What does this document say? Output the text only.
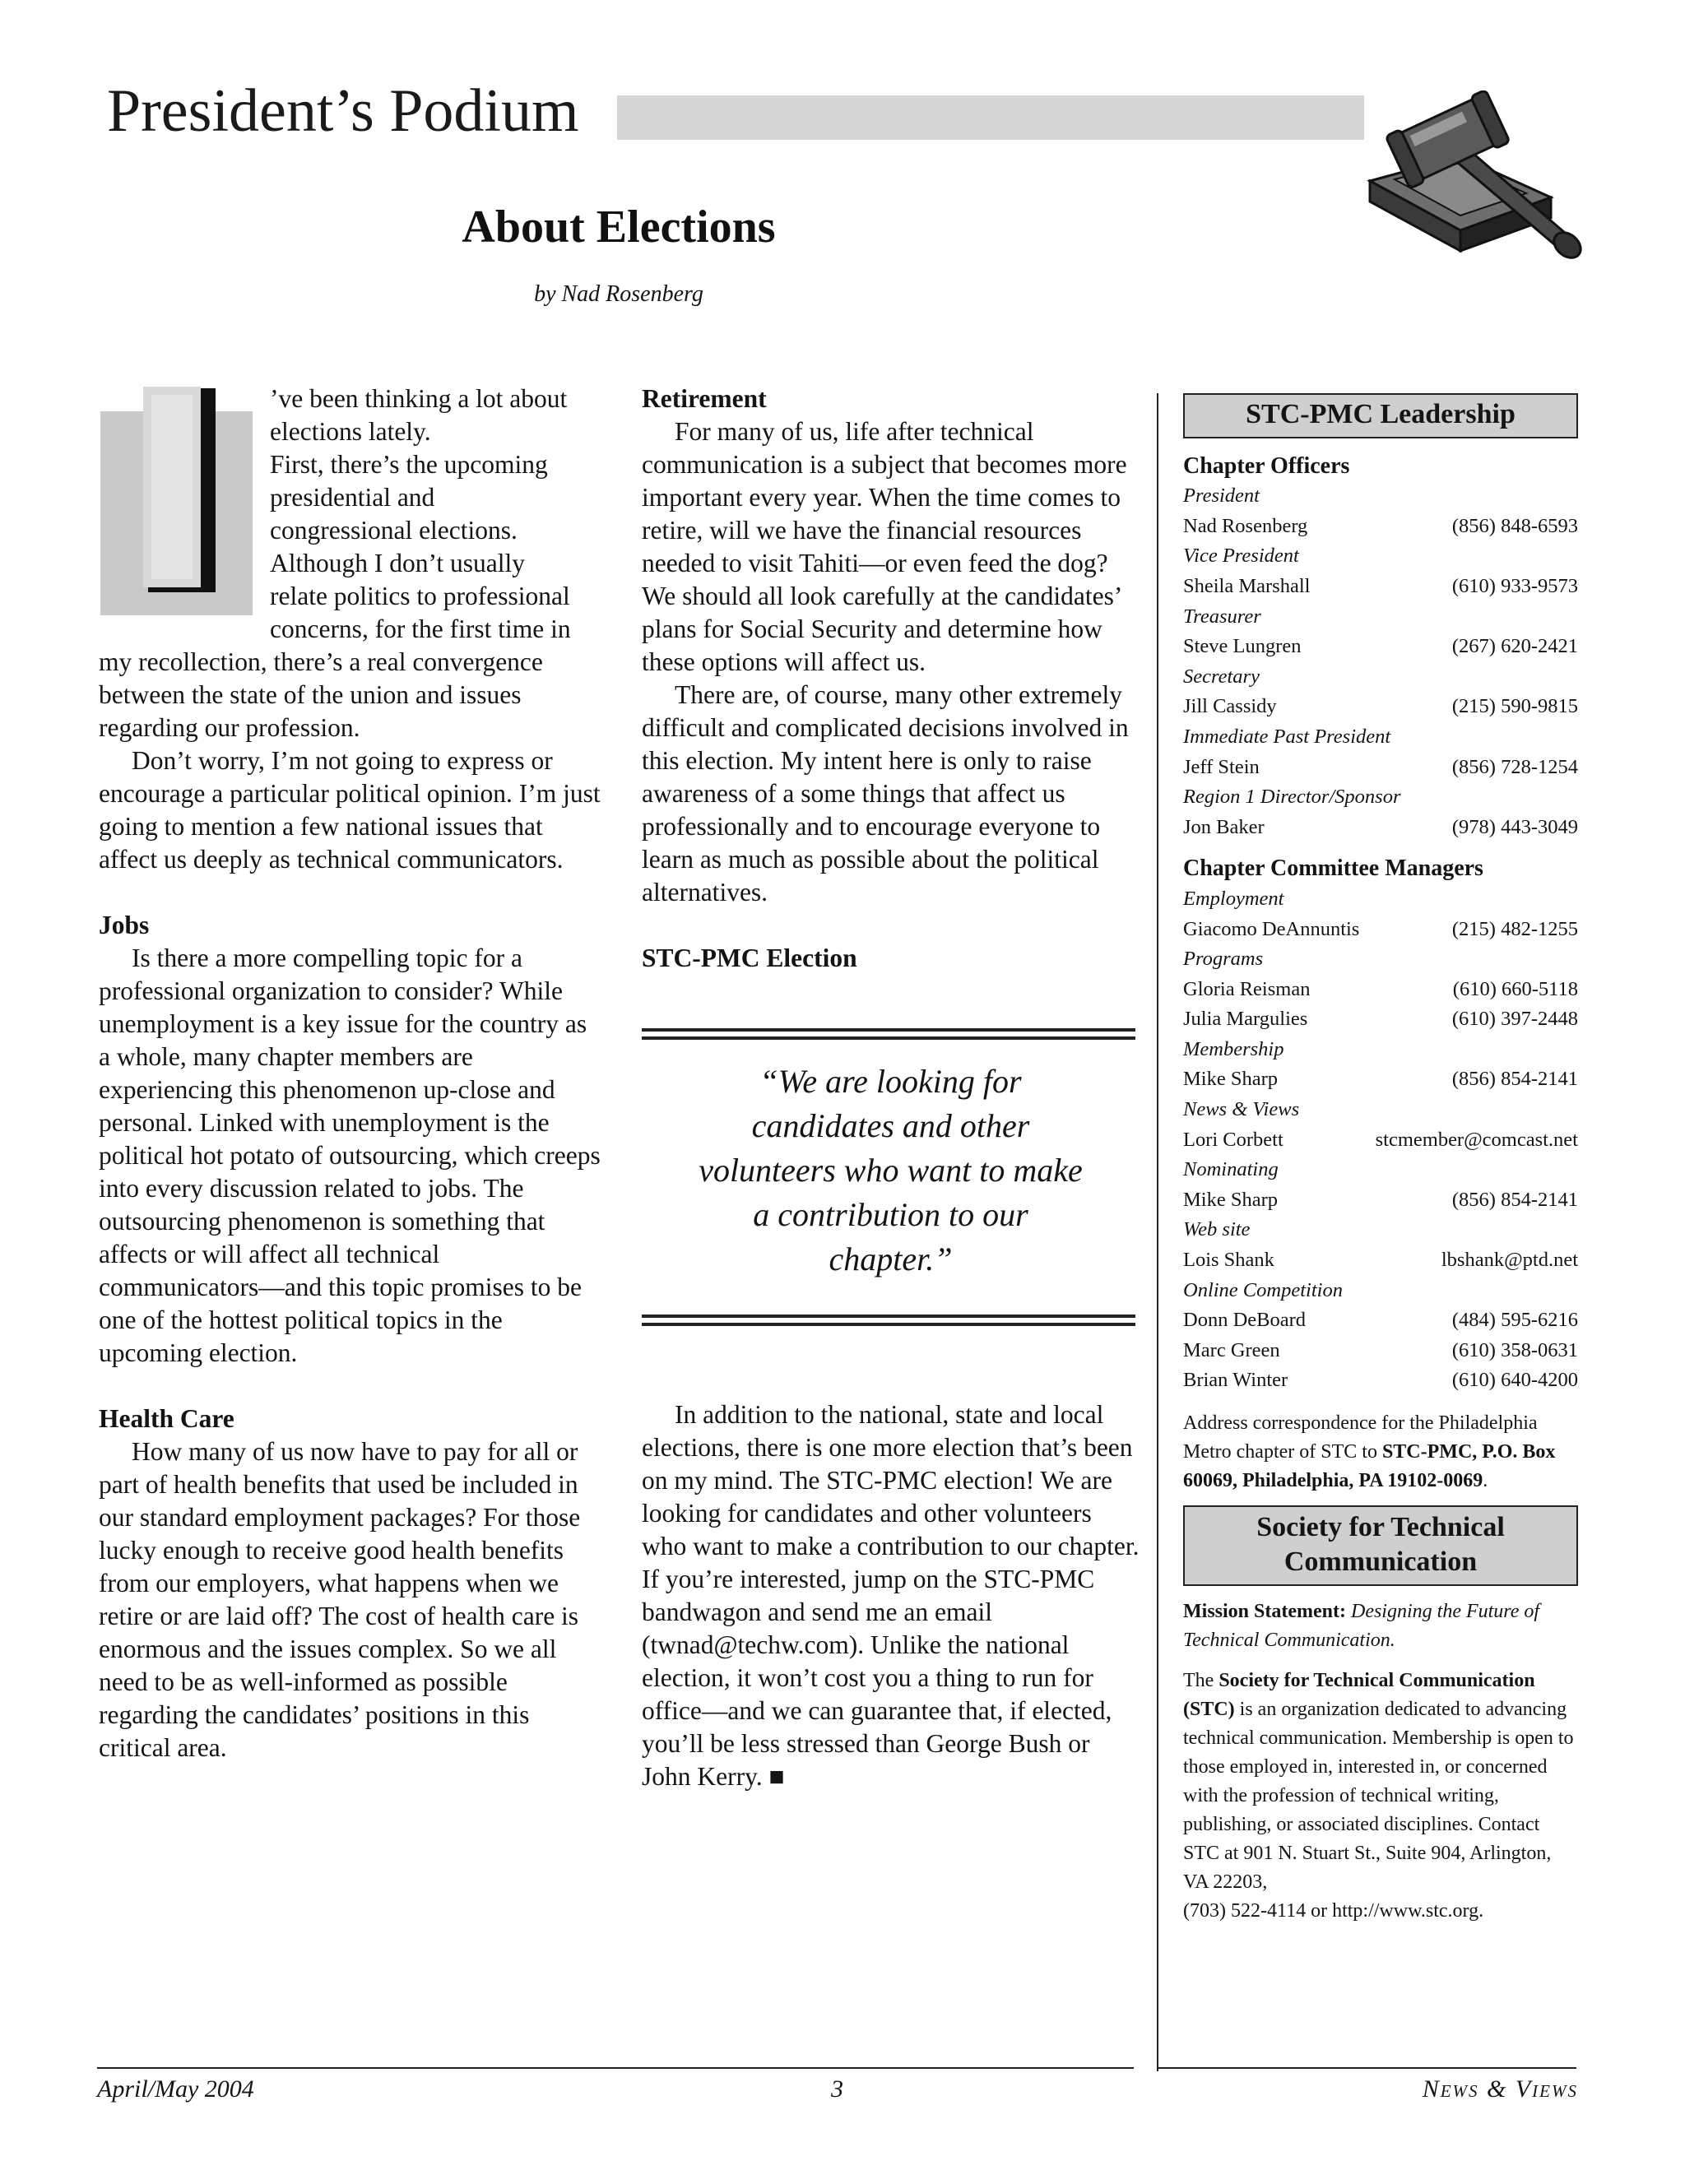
President’s Podium
About Elections
by Nad Rosenberg
I	’ve been thinking a lot about
elections lately.
First, there’s the upcoming
presidential and
congressional elections.
Although I don’t usually
relate politics to professional
concerns, for the first time in

my recollection, there’s a real convergence between the state of the union and issues regarding our profession.

Don’t worry, I’m not going to express or encourage a particular political opinion. I’m just going to mention a few national issues that affect us deeply as technical communicators.

Jobs

Is there a more compelling topic for a professional organization to consider? While unemployment is a key issue for the country as a whole, many chapter members are experiencing this phenomenon up-close and personal. Linked with unemployment is the political hot potato of outsourcing, which creeps into every discussion related to jobs. The outsourcing phenomenon is something that affects or will affect all technical communicators—and this topic promises to be one of the hottest political topics in the upcoming election.

Health Care

How many of us now have to pay for all or part of health benefits that used be included in our standard employment packages? For those lucky enough to receive good health benefits from our employers, what happens when we retire or are laid off? The cost of health care is enormous and the issues complex. So we all need to be as well-informed as possible regarding the candidates’ positions in this critical area.

Retirement

For many of us, life after technical communication is a subject that becomes more important every year. When the time comes to retire, will we have the financial resources needed to visit Tahiti—or even feed the dog? We should all look carefully at the candidates’ plans for Social Security and determine how these options will affect us.

There are, of course, many other extremely difficult and complicated decisions involved in this election. My intent here is only to raise awareness of a some things that affect us professionally and to encourage everyone to learn as much as possible about the political alternatives.

STC-PMC Election
“We are looking for candidates and other volunteers who want to make a contribution to our chapter.”

In addition to the national, state and local elections, there is one more election that’s been on my mind. The STC-PMC election! We are looking for candidates and other volunteers who want to make a contribution to our chapter. If you’re interested, jump on the STC-PMC bandwagon and send me an email (twnad@techw.com). Unlike the national election, it won’t cost you a thing to run for office—and we can guarantee that, if elected, you’ll be less stressed than George Bush or John Kerry. ■

STC-PMC Leadership
Chapter Officers
President
Nad Rosenberg	(856) 848-6593
Vice President
Sheila Marshall	(610) 933-9573
Treasurer
Steve Lungren	(267) 620-2421
Secretary
Jill Cassidy	(215) 590-9815
Immediate Past President
Jeff Stein	(856) 728-1254
Region 1 Director/Sponsor
Jon Baker	(978) 443-3049
Chapter Committee Managers
Employment
Giacomo DeAnnuntis	(215) 482-1255
Programs
Gloria Reisman	(610) 660-5118
Julia Margulies	(610) 397-2448
Membership
Mike Sharp	(856) 854-2141
News & Views
Lori Corbett	stcmember@comcast.net
Nominating
Mike Sharp	(856) 854-2141
Web site
Lois Shank	lbshank@ptd.net
Online Competition
Donn DeBoard	(484) 595-6216
Marc Green	(610) 358-0631
Brian Winter	(610) 640-4200

Address correspondence for the Philadelphia Metro chapter of STC to STC-PMC, P.O. Box 60069, Philadelphia, PA 19102-0069.

Society for Technical
Communication

Mission Statement: Designing the Future of Technical Communication.

The Society for Technical Communication (STC) is an organization dedicated to advancing technical communication. Membership is open to those employed in, interested in, or concerned with the profession of technical writing, publishing, or associated disciplines. Contact STC at 901 N. Stuart St., Suite 904, Arlington, VA 22203,
(703) 522-4114 or http://www.stc.org.

April/May 2004	3	News & Views
